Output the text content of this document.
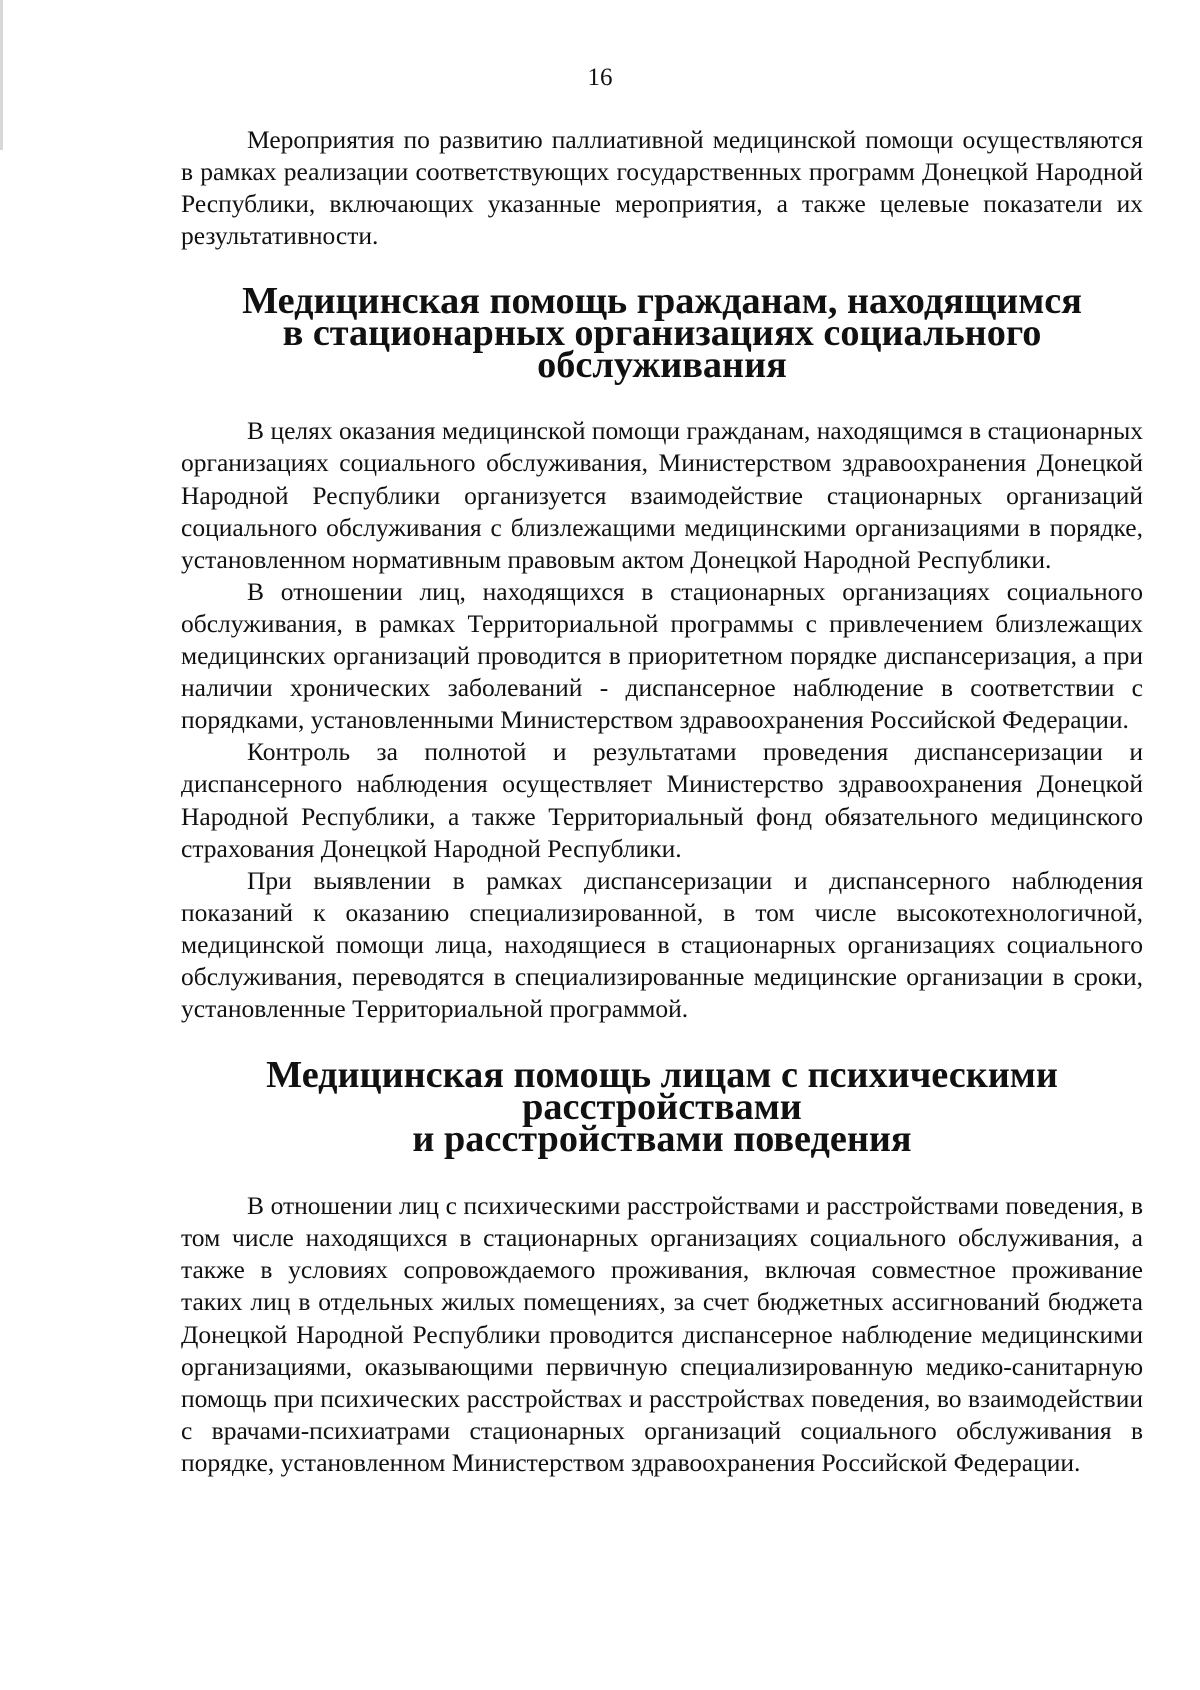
16

Мероприятия по развитию паллиативной медицинской помощи осуществляются в рамках реализации соответствующих государственных программ Донецкой Народной Республики, включающих указанные мероприятия, а также целевые показатели их результативности.

Медицинская помощь гражданам, находящимся
в стационарных организациях социального обслуживания

В целях оказания медицинской помощи гражданам, находящимся в стационарных организациях социального обслуживания, Министерством здравоохранения Донецкой Народной Республики организуется взаимодействие стационарных организаций социального обслуживания с близлежащими медицинскими организациями в порядке, установленном нормативным правовым актом Донецкой Народной Республики.

В отношении лиц, находящихся в стационарных организациях социального обслуживания, в рамках Территориальной программы с привлечением близлежащих медицинских организаций проводится в приоритетном порядке диспансеризация, а при наличии хронических заболеваний - диспансерное наблюдение в соответствии с порядками, установленными Министерством здравоохранения Российской Федерации.

Контроль за полнотой и результатами проведения диспансеризации и диспансерного наблюдения осуществляет Министерство здравоохранения Донецкой Народной Республики, а также Территориальный фонд обязательного медицинского страхования Донецкой Народной Республики.

При выявлении в рамках диспансеризации и диспансерного наблюдения показаний к оказанию специализированной, в том числе высокотехнологичной, медицинской помощи лица, находящиеся в стационарных организациях социального обслуживания, переводятся в специализированные медицинские организации в сроки, установленные Территориальной программой.

Медицинская помощь лицам с психическими расстройствами
и расстройствами поведения

В отношении лиц с психическими расстройствами и расстройствами поведения, в том числе находящихся в стационарных организациях социального обслуживания, а также в условиях сопровождаемого проживания, включая совместное проживание таких лиц в отдельных жилых помещениях, за счет бюджетных ассигнований бюджета Донецкой Народной Республики проводится диспансерное наблюдение медицинскими организациями, оказывающими первичную специализированную медико-санитарную помощь при психических расстройствах и расстройствах поведения, во взаимодействии с врачами-психиатрами стационарных организаций социального обслуживания в порядке, установленном Министерством здравоохранения Российской Федерации.
